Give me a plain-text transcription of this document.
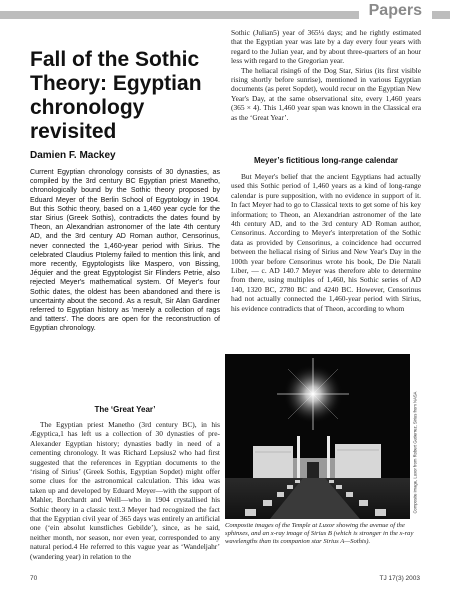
Papers
Fall of the Sothic Theory: Egyptian chronology revisited
Damien F. Mackey
Current Egyptian chronology consists of 30 dynasties, as compiled by the 3rd century BC Egyptian priest Manetho, chronologically bound by the Sothic theory proposed by Eduard Meyer of the Berlin School of Egyptology in 1904. But this Sothic theory, based on a 1,460 year cycle for the star Sirius (Greek Sothis), contradicts the dates found by Theon, an Alexandrian astronomer of the late 4th century AD, and the 3rd century AD Roman author, Censorinus, never connected the 1,460-year period with Sirius. The celebrated Claudius Ptolemy failed to mention this link, and more recently, Egyptologists like Maspero, von Bissing, Jéquier and the great Egyptologist Sir Flinders Petrie, also rejected Meyer's mathematical system. Of Meyer's four Sothic dates, the oldest has been abandoned and there is uncertainty about the second. As a result, Sir Alan Gardiner referred to Egyptian history as 'merely a collection of rags and tatters'. The doors are open for the reconstruction of Egyptian chronology.
The ‘Great Year’
The Egyptian priest Manetho (3rd century BC), in his Ægyptica,1 has left us a collection of 30 dynasties of pre-Alexander Egyptian history; dynasties badly in need of a cementing chronology. It was Richard Lepsius2 who had first suggested that the references in Egyptian documents to the ‘rising of Sirius’ (Greek Sothis, Egyptian Sopdet) might offer some clues for the astronomical calculation. This idea was taken up and developed by Eduard Meyer—with the support of Mahler, Borchardt and Weill—who in 1904 crystallised his Sothic theory in a classic text.3 Meyer had recognized the fact that the Egyptian civil year of 365 days was entirely an artificial one (‘ein absolut kunstliches Gebilde’), since, as he said, neither month, nor season, nor even year, corresponded to any natural period.4 He referred to this vague year as ‘Wandeljahr’ (wandering year) in relation to the

Sothic (Julian5) year of 365¼ days; and he rightly estimated that the Egyptian year was late by a day every four years with regard to the Julian year, and by about three-quarters of an hour less with regard to the Gregorian year.

The heliacal rising6 of the Dog Star, Sirius (its first visible rising shortly before sunrise), mentioned in various Egyptian documents (as peret Sopdet), would recur on the Egyptian New Year's Day, at the same observational site, every 1,460 years (365 × 4). This 1,460 year span was known in the Classical era as the ‘Great Year’.

Meyer’s fictitious long-range calendar
But Meyer's belief that the ancient Egyptians had actually used this Sothic period of 1,460 years as a kind of long-range calendar is pure supposition, with no evidence in support of it. In fact Meyer had to go to Classical texts to get some of his key information; to Theon, an Alexandrian astronomer of the late 4th century AD, and to the 3rd century AD Roman author, Censorinus. According to Meyer's interpretation of the Sothic data as provided by Censorinus, a coincidence had occurred between the heliacal rising of Sirius and New Year's Day in the 100th year before Censorinus wrote his book, De Die Natali Liber, — c. AD 140.7 Meyer was therefore able to determine from there, using multiples of 1,460, his Sothic series of AD 140, 1320 BC, 2780 BC and 4240 BC. However, Censorinus had not actually connected the 1,460-year period with Sirius, his evidence contradicts that of Theon, according to whom
Composite image, Luxor from Robert Gutierrez, Sirius from NASA
Composite images of the Temple at Luxor showing the avenue of the sphinxes, and an x-ray image of Sirius B (which is stronger in the x-ray wavelengths than its companion star Sirius A—Sothis).
70	TJ 17(3) 2003
